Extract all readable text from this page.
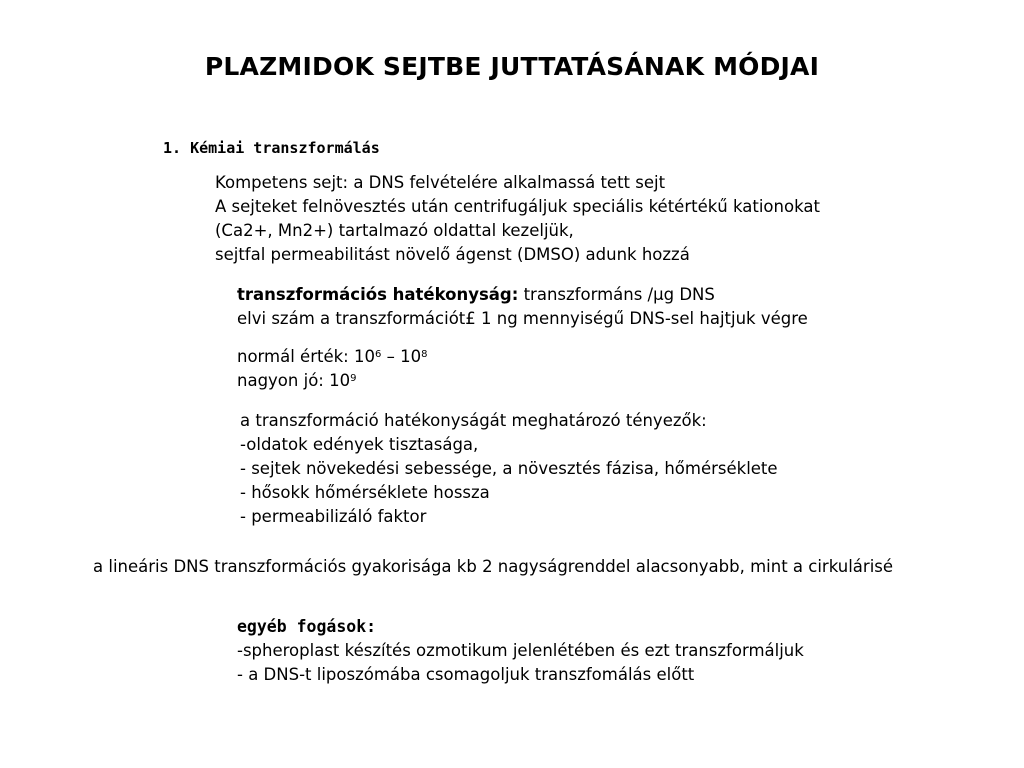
PLAZMIDOK SEJTBE JUTTATÁSÁNAK MÓDJAI
1. Kémiai transzformálás
Kompetens sejt: a DNS felvételére alkalmassá tett sejt
A sejteket felnövesztés után centrifugáljuk speciális kétértékű kationokat
(Ca2+, Mn2+) tartalmazó oldattal kezeljük,
sejtfal permeabilitást növelő ágenst (DMSO) adunk hozzá
transzformációs hatékonyság: transzformáns /µg DNS
elvi szám a transzformációt£ 1 ng mennyiségű DNS-sel hajtjuk végre
normál érték: $10^6 - 10^8$
nagyon jó: $10^9$
a transzformáció hatékonyságát meghatározó tényezők:
-oldatok edények tisztasága,
- sejtek növekedési sebessége, a növesztés fázisa, hőmérséklete
- hősokk hőmérséklete hossza
- permeabilizáló faktor
a lineáris DNS transzformációs gyakorisága kb 2 nagyságrenddel alacsonyabb, mint a cirkulárisé
egyéb fogások:
-spheroplast készítés ozmotikum jelenlétében és ezt transzformáljuk
- a DNS-t liposzómába csomagoljuk transzfomálás előtt
